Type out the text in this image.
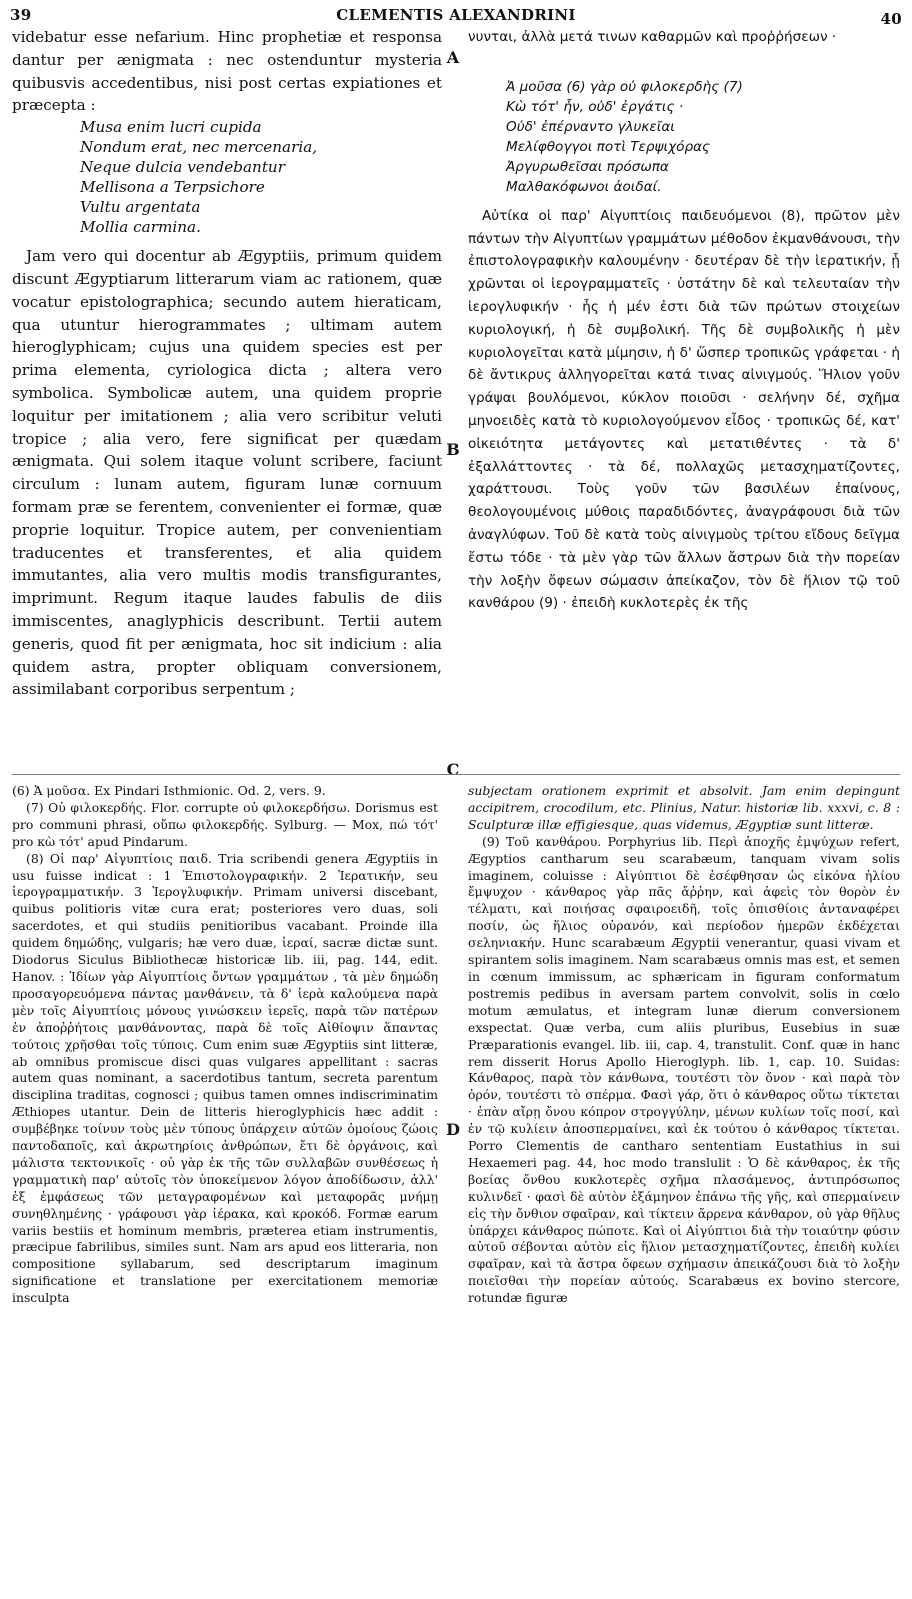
39	CLEMENTIS ALEXANDRINI	40

videbatur esse nefarium. Hinc prophetiæ et responsa dantur per ænigmata : nec ostenduntur mysteria quibusvis accedentibus, nisi post certas expiationes et præcepta :

Musa enim lucri cupida
Nondum erat, nec mercenaria,
Neque dulcia vendebantur
Mellisona a Terpsichore
Vultu argentata
Mollia carmina.

Jam vero qui docentur ab Ægyptiis, primum quidem discunt Ægyptiarum litterarum viam ac rationem, quæ vocatur epistolographica; secundo autem hieraticam, qua utuntur hierogrammates ; ultimam autem hieroglyphicam; cujus una quidem species est per prima elementa, cyriologica dicta ; altera vero symbolica. Symbolicæ autem, una quidem proprie loquitur per imitationem ; alia vero scribitur veluti tropice ; alia vero, fere significat per quædam ænigmata. Qui solem itaque volunt scribere, faciunt circulum : lunam autem, figuram lunæ cornuum formam præ se ferentem, convenienter ei formæ, quæ proprie loquitur. Tropice autem, per convenientiam traducentes et transferentes, et alia quidem immutantes, alia vero multis modis transfigurantes, imprimunt. Regum itaque laudes fabulis de diis immiscentes, anaglyphicis describunt. Tertii autem generis, quod fit per ænigmata, hoc sit indicium : alia quidem astra, propter obliquam conversionem, assimilabant corporibus serpentum ;

A
B
C
D

νυνται, ἀλλὰ μετά τινων καθαρμῶν καὶ προῤῥήσεων ·

Ἁ μοῦσα (6) γὰρ οὐ φιλοκερδὴς (7)
Κὼ τότ' ἦν, οὐδ' ἐργάτις ·
Οὐδ' ἐπέρναντο γλυκεῖαι
Μελίφθογγοι ποτὶ Τερψιχόρας
Ἀργυρωθεῖσαι πρόσωπα
Μαλθακόφωνοι ἀοιδαί.

Αὐτίκα οἱ παρ' Αἰγυπτίοις παιδευόμενοι (8), πρῶτον μὲν πάντων τὴν Αἰγυπτίων γραμμάτων μέθοδον ἐκμανθάνουσι, τὴν ἐπιστολογραφικὴν καλουμένην · δευτέραν δὲ τὴν ἱερατικήν, ᾗ χρῶνται οἱ ἱερογραμματεῖς · ὑστάτην δὲ καὶ τελευταίαν τὴν ἱερογλυφικήν · ἧς ἡ μέν ἐστι διὰ τῶν πρώτων στοιχείων κυριολογική, ἡ δὲ συμβολική. Τῆς δὲ συμβολικῆς ἡ μὲν κυριολογεῖται κατὰ μίμησιν, ἡ δ' ὥσπερ τροπικῶς γράφεται · ἡ δὲ ἄντικρυς ἀλληγορεῖται κατά τινας αἰνιγμούς. Ἥλιον γοῦν γράψαι βουλόμενοι, κύκλον ποιοῦσι · σελήνην δέ, σχῆμα μηνοειδὲς κατὰ τὸ κυριολογούμενον εἶδος · τροπικῶς δέ, κατ' οἰκειότητα μετάγοντες καὶ μετατιθέντες · τὰ δ' ἐξαλλάττοντες · τὰ δέ, πολλαχῶς μετασχηματίζοντες, χαράττουσι. Τοὺς γοῦν τῶν βασιλέων ἐπαίνους, θεολογουμένοις μύθοις παραδιδόντες, ἀναγράφουσι διὰ τῶν ἀναγλύφων. Τοῦ δὲ κατὰ τοὺς αἰνιγμοὺς τρίτου εἴδους δεῖγμα ἔστω τόδε · τὰ μὲν γὰρ τῶν ἄλλων ἄστρων διὰ τὴν πορείαν τὴν λοξὴν ὄφεων σώμασιν ἀπείκαζον, τὸν δὲ ἥλιον τῷ τοῦ κανθάρου (9) · ἐπειδὴ κυκλοτερὲς ἐκ τῆς

(6) Ἁ μοῦσα. Ex Pindari Isthmionic. Od. 2, vers. 9.

(7) Οὐ φιλοκερδής. Flor. corrupte οὐ φιλοκερδήσω. Dorismus est pro communi phrasi, οὔπω φιλοκερδής. Sylburg. — Mox, πώ τότ' pro κὼ τότ' apud Pindarum.

(8) Οἱ παρ' Αἰγυπτίοις παιδ. Tria scribendi genera Ægyptiis in usu fuisse indicat : 1 Ἐπιστολογραφικήν. 2 Ἱερατικήν, seu ἱερογραμματικήν. 3 Ἱερογλυφικήν. Primam universi discebant, quibus politioris vitæ cura erat; posteriores vero duas, soli sacerdotes, et qui studiis penitioribus vacabant. Proinde illa quidem δημώδης, vulgaris; hæ vero duæ, ἱεραί, sacræ dictæ sunt. Diodorus Siculus Bibliothecæ historicæ lib. iii, pag. 144, edit. Hanov. : Ἰδίων γὰρ Αἰγυπτίοις ὄντων γραμμάτων , τὰ μὲν δημώδη προσαγορευόμενα πάντας μανθάνειν, τὰ δ' ἱερὰ καλούμενα παρὰ μὲν τοῖς Αἰγυπτίοις μόνους γινώσκειν ἱερεῖς, παρὰ τῶν πατέρων ἐν ἀποῤῥήτοις μανθάνοντας, παρὰ δὲ τοῖς Αἰθίοψιν ἅπαντας τούτοις χρῆσθαι τοῖς τύποις. Cum enim suæ Ægyptiis sint litteræ, ab omnibus promiscue disci quas vulgares appellitant : sacras autem quas nominant, a sacerdotibus tantum, secreta parentum disciplina traditas, cognosci ; quibus tamen omnes indiscriminatim Æthiopes utantur. Dein de litteris hieroglyphicis hæc addit : συμβέβηκε τοίνυν τοὺς μὲν τύπους ὑπάρχειν αὐτῶν ὁμοίους ζώοις παντοδαποῖς, καὶ ἀκρωτηρίοις ἀνθρώπων, ἔτι δὲ ὀργάνοις, καὶ μάλιστα τεκτονικοῖς · οὐ γὰρ ἐκ τῆς τῶν συλλαβῶν συνθέσεως ἡ γραμματικὴ παρ' αὐτοῖς τὸν ὑποκείμενον λόγον ἀποδίδωσιν, ἀλλ' ἐξ ἐμφάσεως τῶν μεταγραφομένων καὶ μεταφορᾶς μνήμῃ συνηθλημένης · γράφουσι γὰρ ἱέρακα, καὶ κροκόδ. Formæ earum variis bestiis et hominum membris, præterea etiam instrumentis, præcipue fabrilibus, similes sunt. Nam ars apud eos litteraria, non compositione syllabarum, sed descriptarum imaginum significatione et translatione per exercitationem memoriæ insculpta

subjectam orationem exprimit et absolvit. Jam enim depingunt accipitrem, crocodilum, etc. Plinius, Natur. historiæ lib. xxxvi, c. 8 : Sculpturæ illæ effigiesque, quas videmus, Ægyptiæ sunt litteræ.

(9) Τοῦ κανθάρου. Porphyrius lib. Περὶ ἀποχῆς ἐμψύχων refert, Ægyptios cantharum seu scarabæum, tanquam vivam solis imaginem, coluisse : Αἰγύπτιοι δὲ ἐσέφθησαν ὡς εἰκόνα ἡλίου ἔμψυχον · κάνθαρος γὰρ πᾶς ἄῤῥην, καὶ ἀφεὶς τὸν θορὸν ἐν τέλματι, καὶ ποιήσας σφαιροειδῆ, τοῖς ὀπισθίοις ἀνταναφέρει ποσίν, ὡς ἥλιος οὐρανόν, καὶ περίοδον ἡμερῶν ἐκδέχεται σεληνιακήν. Hunc scarabæum Ægyptii venerantur, quasi vivam et spirantem solis imaginem. Nam scarabæus omnis mas est, et semen in cœnum immissum, ac sphæricam in figuram conformatum postremis pedibus in aversam partem convolvit, solis in cœlo motum æmulatus, et integram lunæ dierum conversionem exspectat. Quæ verba, cum aliis pluribus, Eusebius in suæ Præparationis evangel. lib. iii, cap. 4, transtulit. Conf. quæ in hanc rem disserit Horus Apollo Hieroglyph. lib. 1, cap. 10. Suidas: Κάνθαρος, παρὰ τὸν κάνθωνα, τουτέστι τὸν ὄνον · καὶ παρὰ τὸν ὀρόν, τουτέστι τὸ σπέρμα. Φασὶ γάρ, ὅτι ὁ κάνθαρος οὕτω τίκτεται · ἐπὰν αἴρῃ ὄνου κόπρον στρογγύλην, μένων κυλίων τοῖς ποσί, καὶ ἐν τῷ κυλίειν ἀποσπερμαίνει, καὶ ἐκ τούτου ὁ κάνθαρος τίκτεται. Porro Clementis de cantharo sententiam Eustathius in sui Hexaemeri pag. 44, hoc modo translulit : Ὁ δὲ κάνθαρος, ἐκ τῆς βοείας ὄνθου κυκλοτερὲς σχῆμα πλασάμενος, ἀντιπρόσωπος κυλινδεῖ · φασὶ δὲ αὐτὸν ἑξάμηνον ἐπάνω τῆς γῆς, καὶ σπερμαίνειν εἰς τὴν ὄνθιον σφαῖραν, καὶ τίκτειν ἄρρενα κάνθαρον, οὐ γὰρ θῆλυς ὑπάρχει κάνθαρος πώποτε. Καὶ οἱ Αἰγύπτιοι διὰ τὴν τοιαύτην φύσιν αὐτοῦ σέβονται αὐτὸν εἰς ἥλιον μετασχηματίζοντες, ἐπειδὴ κυλίει σφαῖραν, καὶ τὰ ἄστρα ὄφεων σχήμασιν ἀπεικάζουσι διὰ τὸ λοξὴν ποιεῖσθαι τὴν πορείαν αὐτούς. Scarabæus ex bovino stercore, rotundæ figuræ
